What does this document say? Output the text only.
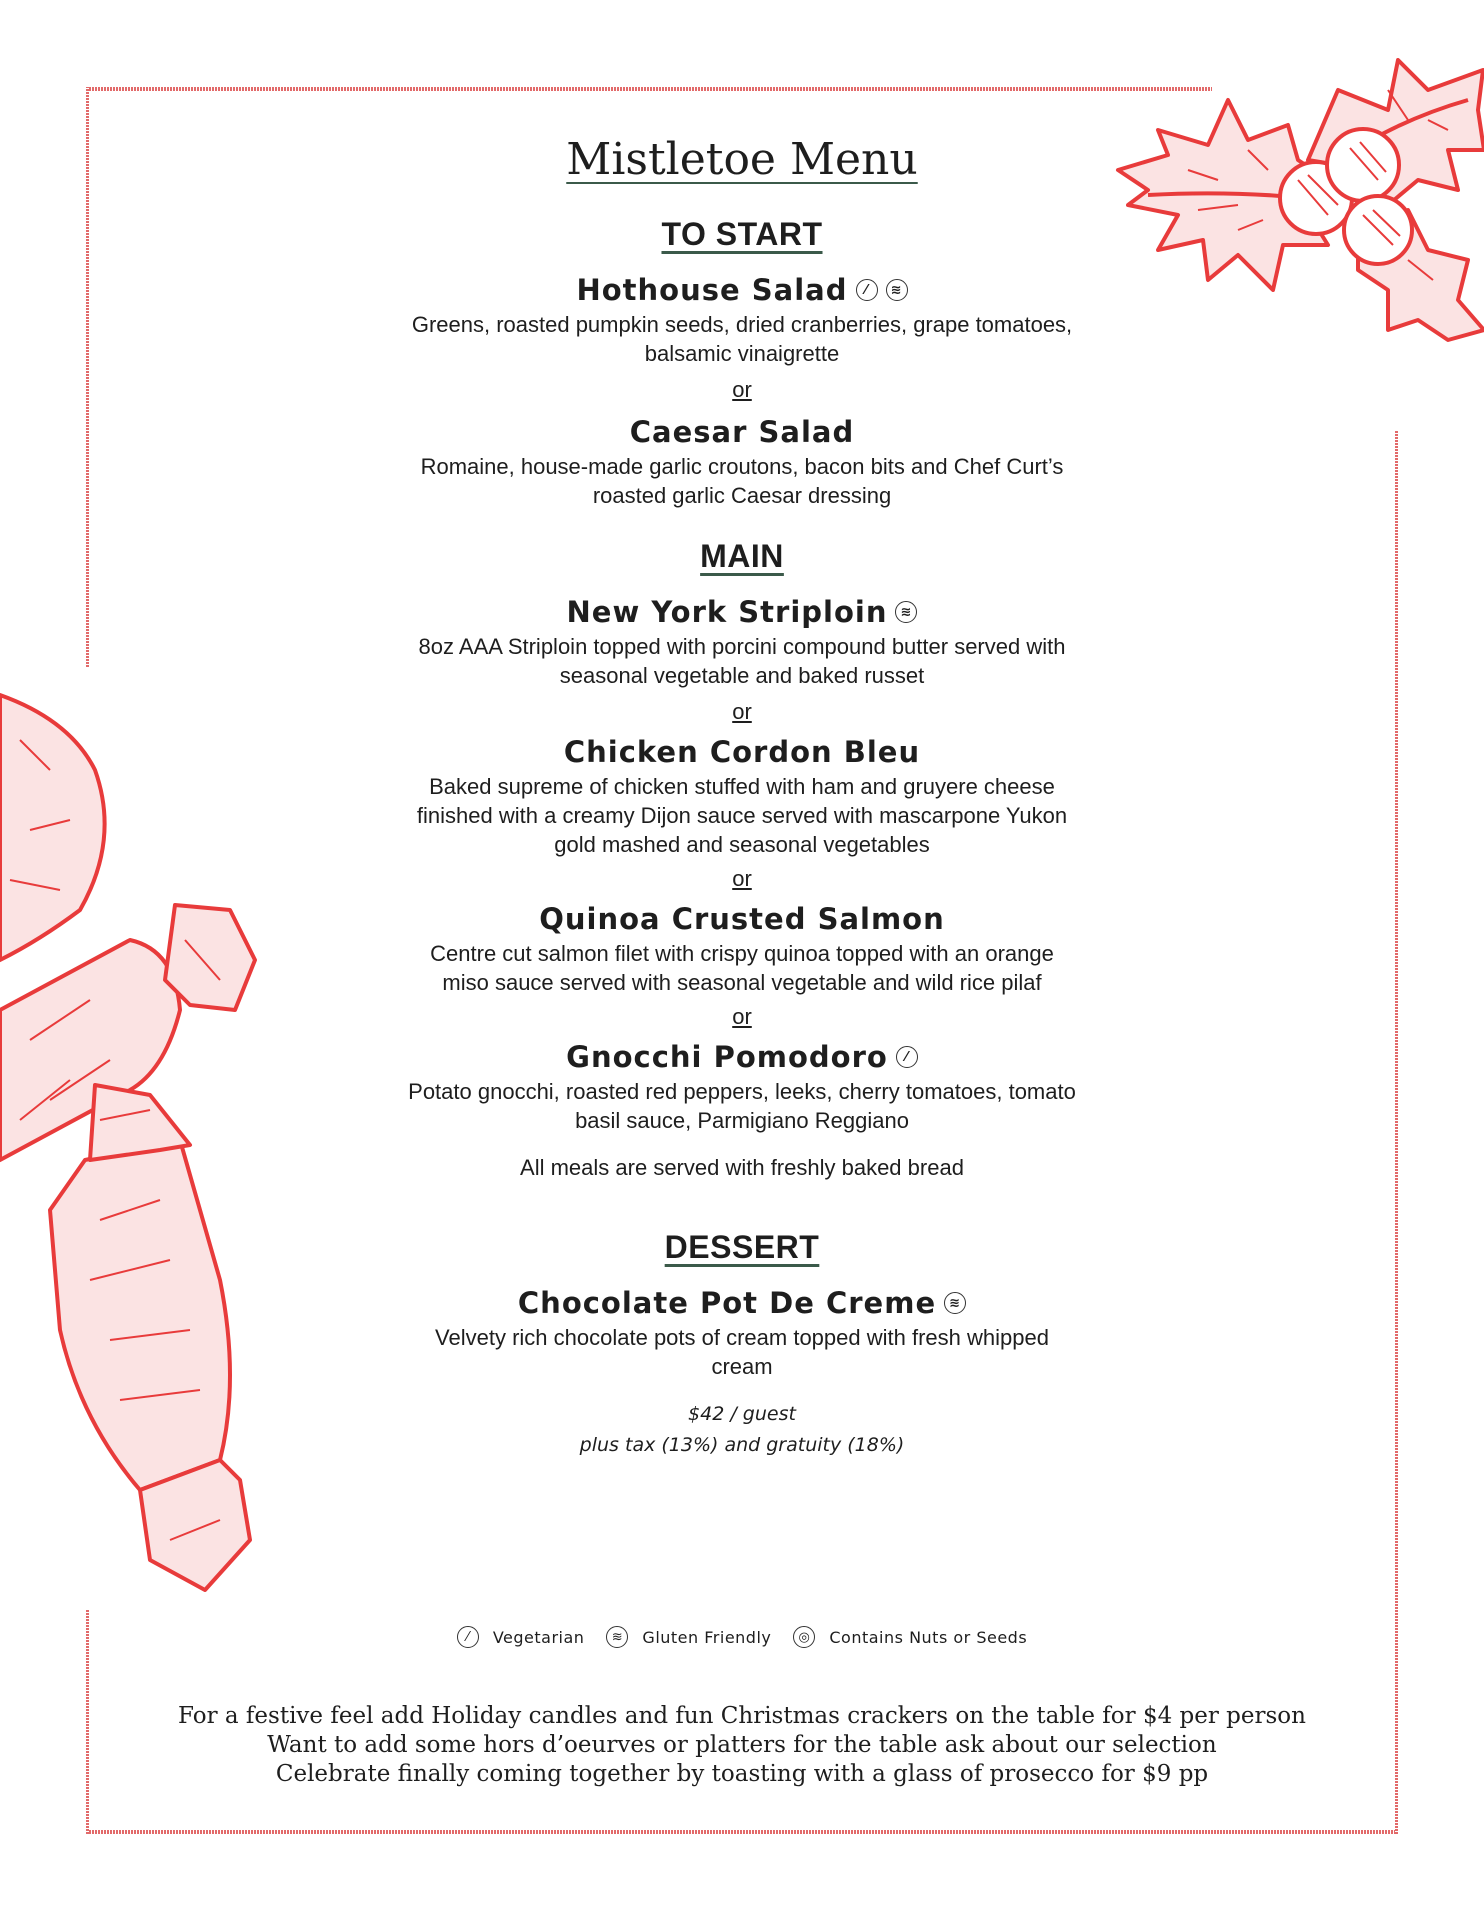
Mistletoe Menu
TO START
Hothouse Salad	⁄	≋

Greens, roasted pumpkin seeds, dried cranberries, grape tomatoes,
balsamic vinaigrette

or

Caesar Salad

Romaine, house-made garlic croutons, bacon bits and Chef Curt’s
roasted garlic Caesar dressing

MAIN
New York Striploin	≋

8oz AAA Striploin topped with porcini compound butter served with
seasonal vegetable and baked russet

or

Chicken Cordon Bleu

Baked supreme of chicken stuffed with ham and gruyere cheese
finished with a creamy Dijon sauce served with mascarpone Yukon
gold mashed and seasonal vegetables

or

Quinoa Crusted Salmon

Centre cut salmon filet with crispy quinoa topped with an orange
miso sauce served with seasonal vegetable and wild rice pilaf

or

Gnocchi Pomodoro	⁄

Potato gnocchi, roasted red peppers, leeks, cherry tomatoes, tomato
basil sauce, Parmigiano Reggiano

All meals are served with freshly baked bread

DESSERT
Chocolate Pot De Creme	≋

Velvety rich chocolate pots of cream topped with fresh whipped
cream

$42 / guest

plus tax (13%) and gratuity (18%)

⁄	Vegetarian	≋	Gluten Friendly	◎	Contains Nuts or Seeds

For a festive feel add Holiday candles and fun Christmas crackers on the table for $4 per person

Want to add some hors d’oeurves or platters for the table ask about our selection

Celebrate finally coming together by toasting with a glass of prosecco for $9 pp
